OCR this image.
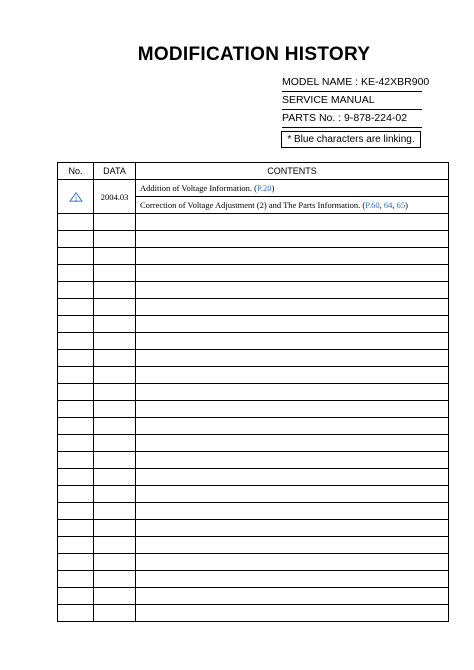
MODIFICATION HISTORY
MODEL NAME : KE-42XBR900
SERVICE MANUAL
PARTS No. : 9-878-224-02
* Blue characters are linking.
No.	DATA	CONTENTS

1	2004.03	Addition of Voltage Information. (P.20)
		Correction of Voltage Adjustment (2) and The Parts Information. (P.60, 64, 65)
